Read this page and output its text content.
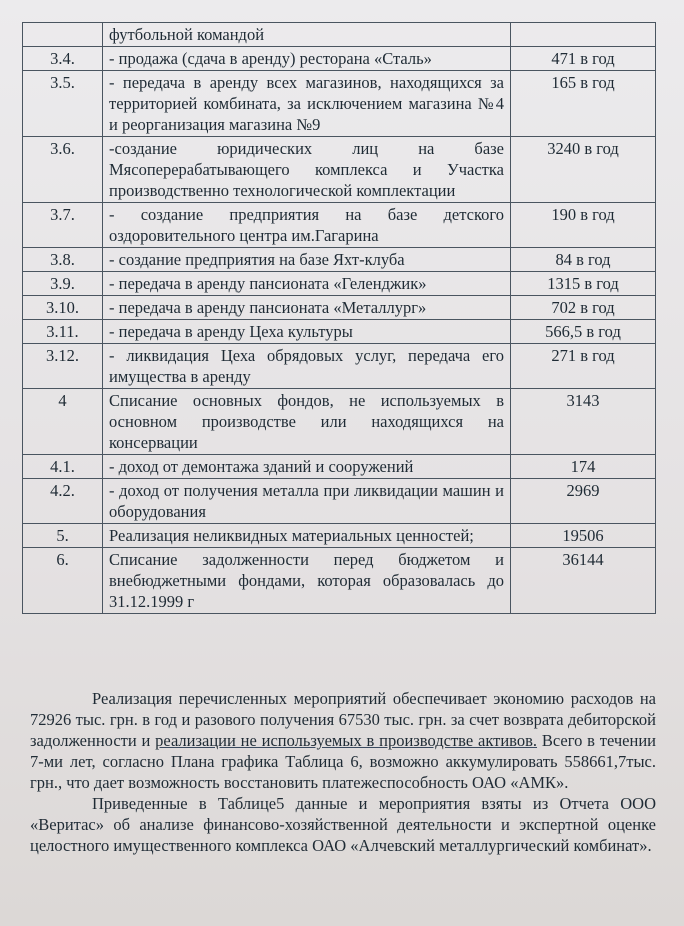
	футбольной командой	
3.4.	- продажа (сдача в аренду) ресторана «Сталь»	471 в год
3.5.	- передача в аренду всех магазинов, находящихся за территорией комбината, за исключением магазина №4 и реорганизация магазина №9	165 в год
3.6.	-создание юридических лиц на базе Мясоперерабатывающего комплекса и Участка производственно технологической комплектации	3240 в год
3.7.	- создание предприятия на базе детского оздоровительного центра им.Гагарина	190 в год
3.8.	- создание предприятия на базе Яхт-клуба	84 в год
3.9.	- передача в аренду пансионата «Геленджик»	1315 в год
3.10.	- передача в аренду пансионата «Металлург»	702 в год
3.11.	- передача в аренду Цеха культуры	566,5 в год
3.12.	- ликвидация Цеха обрядовых услуг, передача его имущества в аренду	271 в год
4	Списание основных фондов, не используемых в основном производстве или находящихся на консервации	3143
4.1.	- доход от демонтажа зданий и сооружений	174
4.2.	- доход от получения металла при ликвидации машин и оборудования	2969
5.	Реализация неликвидных материальных ценностей;	19506
6.	Списание задолженности перед бюджетом и внебюджетными фондами, которая образовалась до 31.12.1999 г	36144

Реализация перечисленных мероприятий обеспечивает экономию расходов на 72926 тыс. грн. в год и разового получения 67530 тыс. грн. за счет возврата дебиторской задолженности и реализации не используемых в производстве активов. Всего в течении 7-ми лет, согласно Плана графика Таблица 6, возможно аккумулировать 558661,7тыс. грн., что дает возможность восстановить платежеспособность ОАО «АМК».

Приведенные в Таблице5 данные и мероприятия взяты из Отчета ООО «Веритас» об анализе финансово-хозяйственной деятельности и экспертной оценке целостного имущественного комплекса ОАО «Алчевский металлургический комбинат».
